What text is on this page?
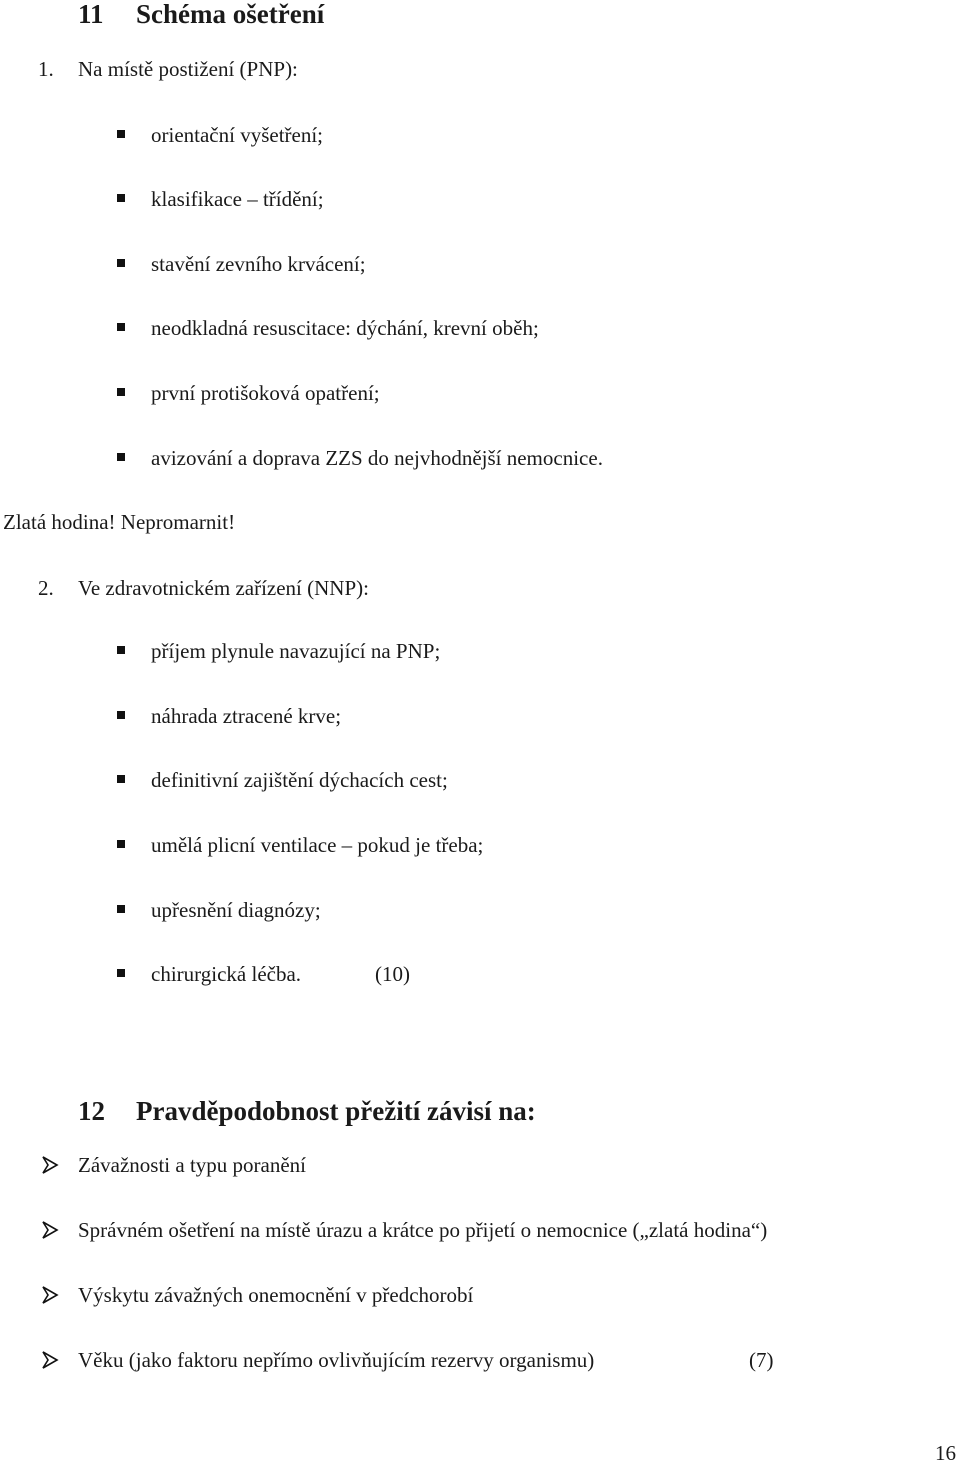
11 Schéma ošetření
1. Na místě postižení (PNP):
orientační vyšetření;
klasifikace – třídění;
stavění zevního krvácení;
neodkladná resuscitace: dýchání, krevní oběh;
první protišoková opatření;
avizování a doprava ZZS do nejvhodnější nemocnice.
Zlatá hodina! Nepromarnit!
2. Ve zdravotnickém zařízení (NNP):
příjem plynule navazující na PNP;
náhrada ztracené krve;
definitivní zajištění dýchacích cest;
umělá plicní ventilace – pokud je třeba;
upřesnění diagnózy;
chirurgická léčba.	(10)
12 Pravděpodobnost přežití závisí na:
Závažnosti a typu poranění
Správném ošetření na místě úrazu a krátce po přijetí o nemocnice („zlatá hodina“)
Výskytu závažných onemocnění v předchorobí
Věku (jako faktoru nepřímo ovlivňujícím rezervy organismu)	(7)
16
